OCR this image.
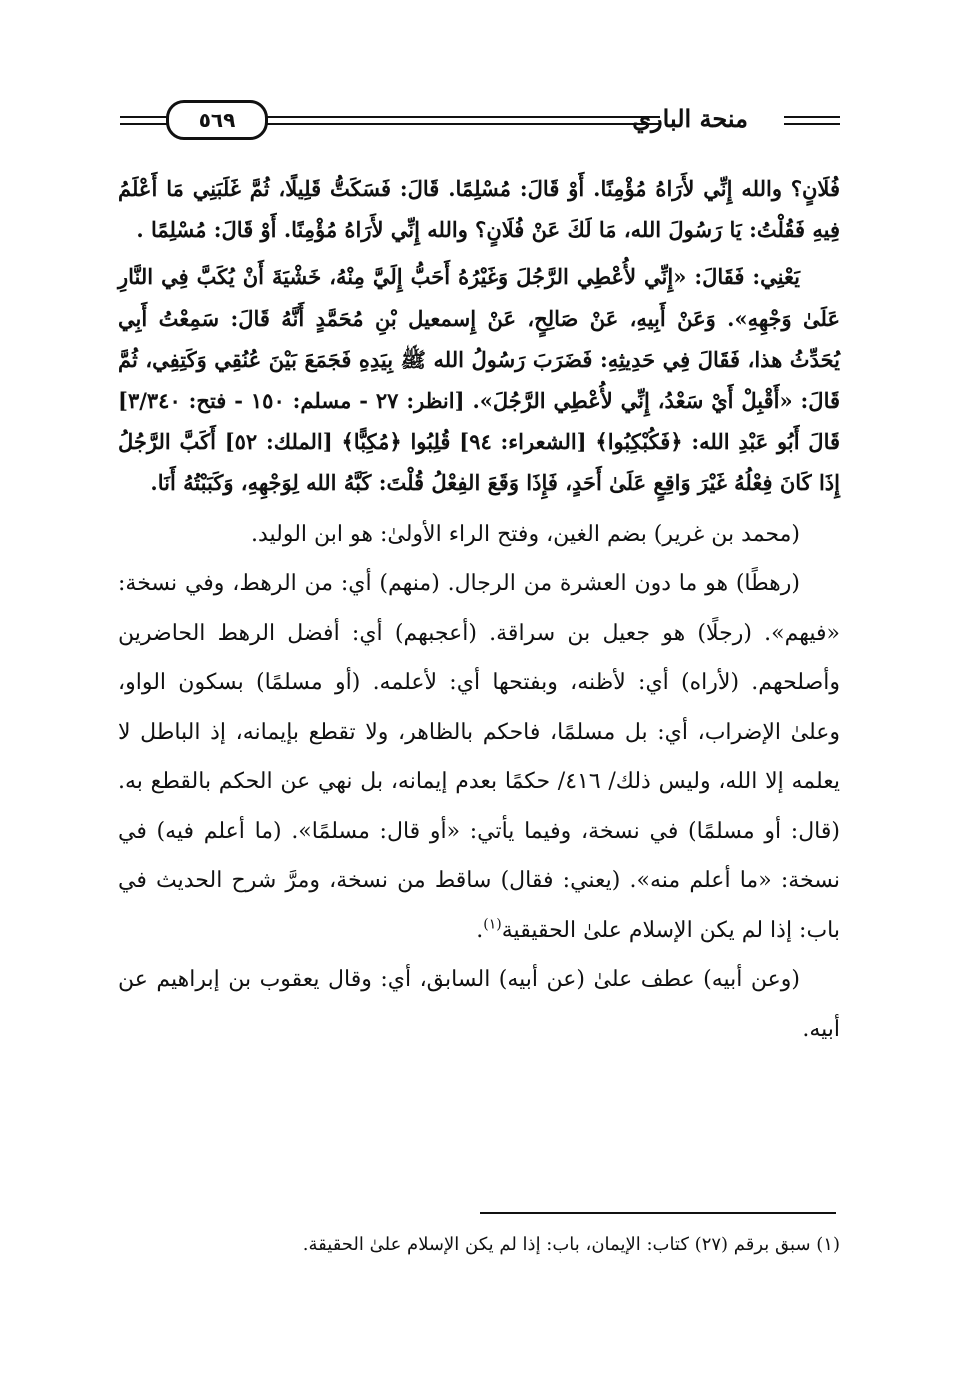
٥٦٩	منحة الباري

فُلَانٍ؟ والله إِنِّي لأَرَاهُ مُؤْمِنًا. أَوْ قَالَ: مُسْلِمًا. قَالَ: فَسَكَتُّ قَلِيلًا، ثُمَّ غَلَبَنِي مَا أَعْلَمُ فِيهِ فَقُلْتُ: يَا رَسُولَ الله، مَا لَكَ عَنْ فُلَانٍ؟ والله إِنِّي لأَرَاهُ مُؤْمِنًا. أَوْ قَالَ: مُسْلِمًا .

يَعْنِي: فَقَالَ: «إِنِّي لأُعْطِي الرَّجُلَ وَغَيْرُهُ أَحَبُّ إِلَيَّ مِنْهُ، خَشْيَةَ أَنْ يُكَبَّ فِي النَّارِ عَلَىٰ وَجْهِهِ». وَعَنْ أَبِيهِ، عَنْ صَالِحٍ، عَنْ إِسمعيل بْنِ مُحَمَّدٍ أَنَّهُ قَالَ: سَمِعْتُ أَبِي يُحَدِّثُ هذا، فَقَالَ فِي حَدِيثِهِ: فَضَرَبَ رَسُولُ الله ﷺ بِيَدِهِ فَجَمَعَ بَيْنَ عُنُقِي وَكَتِفِي، ثُمَّ قَالَ: «أَقْبِلْ أَيْ سَعْدُ، إِنِّي لأُعْطِي الرَّجُلَ». [انظر: ٢٧ - مسلم: ١٥٠ - فتح: ٣/٣٤٠] قَالَ أَبُو عَبْدِ الله: ﴿فَكُبْكِبُوا﴾ [الشعراء: ٩٤] قُلِبُوا ﴿مُكِبًّا﴾ [الملك: ٥٢] أَكَبَّ الرَّجُلُ إِذَا كَانَ فِعْلُهُ غَيْرَ وَاقِعٍ عَلَىٰ أَحَدٍ، فَإِذَا وَقَعَ الفِعْلُ قُلْتَ: كَبَّهُ الله لِوَجْهِهِ، وَكَبَبْتُهُ أَنَا.

(محمد بن غرير) بضم الغين، وفتح الراء الأولىٰ: هو ابن الوليد.

(رهطًا) هو ما دون العشرة من الرجال. (منهم) أي: من الرهط، وفي نسخة: «فيهم». (رجلًا) هو جعيل بن سراقة. (أعجبهم) أي: أفضل الرهط الحاضرين وأصلحهم. (لأراه) أي: لأظنه، وبفتحها أي: لأعلمه. (أو مسلمًا) بسكون الواو، وعلىٰ الإضراب، أي: بل مسلمًا، فاحكم بالظاهر، ولا تقطع بإيمانه، إذ الباطل لا يعلمه إلا الله، وليس ذلك/ ٤١٦/ حكمًا بعدم إيمانه، بل نهي عن الحكم بالقطع به. (قال: أو مسلمًا) في نسخة، وفيما يأتي: «أو قال: مسلمًا». (ما أعلم فيه) في نسخة: «ما أعلم منه». (يعني: فقال) ساقط من نسخة، ومرَّ شرح الحديث في باب: إذا لم يكن الإسلام علىٰ الحقيقية$^{(١)}$.

(وعن أبيه) عطف علىٰ (عن أبيه) السابق، أي: وقال يعقوب بن إبراهيم عن أبيه.

(١) سبق برقم (٢٧) كتاب: الإيمان، باب: إذا لم يكن الإسلام علىٰ الحقيقة.
